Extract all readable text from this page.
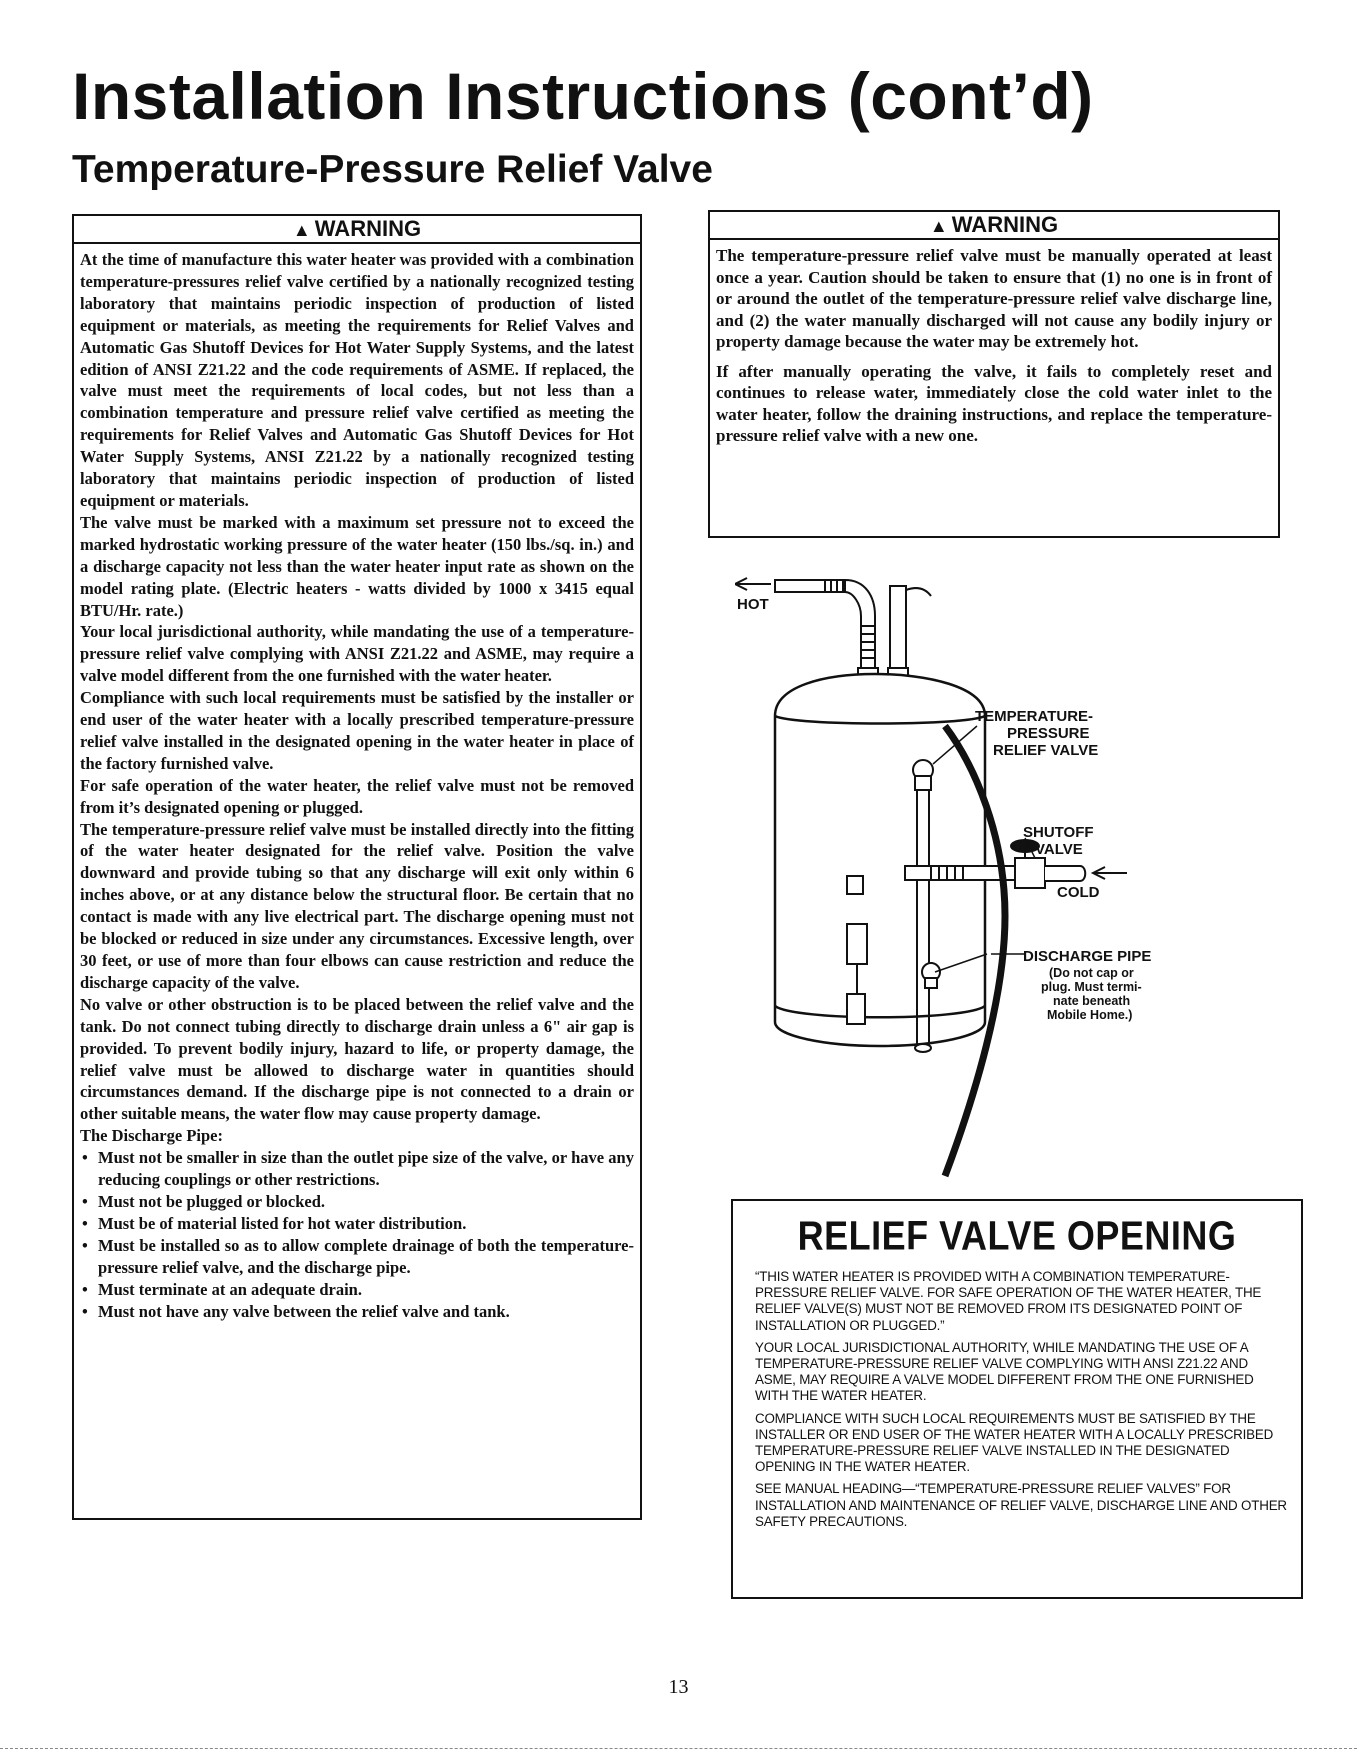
Installation Instructions (cont’d)
Temperature-Pressure Relief Valve
▲ WARNING

At the time of manufacture this water heater was provided with a combination temperature-pressures relief valve certified by a nationally recognized testing laboratory that maintains periodic inspection of production of listed equipment or materials, as meeting the requirements for Relief Valves and Automatic Gas Shutoff Devices for Hot Water Supply Systems, and the latest edition of ANSI Z21.22 and the code requirements of ASME. If replaced, the valve must meet the requirements of local codes, but not less than a combination temperature and pressure relief valve certified as meeting the requirements for Relief Valves and Automatic Gas Shutoff Devices for Hot Water Supply Systems, ANSI Z21.22 by a nationally recognized testing laboratory that maintains periodic inspection of production of listed equipment or materials.

The valve must be marked with a maximum set pressure not to exceed the marked hydrostatic working pressure of the water heater (150 lbs./sq. in.) and a discharge capacity not less than the water heater input rate as shown on the model rating plate. (Electric heaters - watts divided by 1000 x 3415 equal BTU/Hr. rate.)

Your local jurisdictional authority, while mandating the use of a temperature-pressure relief valve complying with ANSI Z21.22 and ASME, may require a valve model different from the one furnished with the water heater.

Compliance with such local requirements must be satisfied by the installer or end user of the water heater with a locally prescribed temperature-pressure relief valve installed in the designated opening in the water heater in place of the factory furnished valve.

For safe operation of the water heater, the relief valve must not be removed from it’s designated opening or plugged.

The temperature-pressure relief valve must be installed directly into the fitting of the water heater designated for the relief valve. Position the valve downward and provide tubing so that any discharge will exit only within 6 inches above, or at any distance below the structural floor. Be certain that no contact is made with any live electrical part. The discharge opening must not be blocked or reduced in size under any circumstances. Excessive length, over 30 feet, or use of more than four elbows can cause restriction and reduce the discharge capacity of the valve.

No valve or other obstruction is to be placed between the relief valve and the tank. Do not connect tubing directly to discharge drain unless a 6" air gap is provided. To prevent bodily injury, hazard to life, or property damage, the relief valve must be allowed to discharge water in quantities should circumstances demand. If the discharge pipe is not connected to a drain or other suitable means, the water flow may cause property damage.

The Discharge Pipe:

• Must not be smaller in size than the outlet pipe size of the valve, or have any reducing couplings or other restrictions.
• Must not be plugged or blocked.
• Must be of material listed for hot water distribution.
• Must be installed so as to allow complete drainage of both the temperature-pressure relief valve, and the discharge pipe.
• Must terminate at an adequate drain.
• Must not have any valve between the relief valve and tank.
▲ WARNING

The temperature-pressure relief valve must be manually operated at least once a year. Caution should be taken to ensure that (1) no one is in front of or around the outlet of the temperature-pressure relief valve discharge line, and (2) the water manually discharged will not cause any bodily injury or property damage because the water may be extremely hot.

If after manually operating the valve, it fails to completely reset and continues to release water, immediately close the cold water inlet to the water heater, follow the draining instructions, and replace the temperature-pressure relief valve with a new one.

HOT
TEMPERATURE-
PRESSURE
RELIEF VALVE
SHUTOFF
VALVE
COLD
DISCHARGE PIPE
(Do not cap or
plug. Must termi-
nate beneath
Mobile Home.)
RELIEF VALVE OPENING

“THIS WATER HEATER IS PROVIDED WITH A COMBINATION TEMPERATURE-PRESSURE RELIEF VALVE. FOR SAFE OPERATION OF THE WATER HEATER, THE RELIEF VALVE(S) MUST NOT BE REMOVED FROM ITS DESIGNATED POINT OF INSTALLATION OR PLUGGED.”

YOUR LOCAL JURISDICTIONAL AUTHORITY, WHILE MANDATING THE USE OF A TEMPERATURE-PRESSURE RELIEF VALVE COMPLYING WITH ANSI Z21.22 AND ASME, MAY REQUIRE A VALVE MODEL DIFFERENT FROM THE ONE FURNISHED WITH THE WATER HEATER.

COMPLIANCE WITH SUCH LOCAL REQUIREMENTS MUST BE SATISFIED BY THE INSTALLER OR END USER OF THE WATER HEATER WITH A LOCALLY PRESCRIBED TEMPERATURE-PRESSURE RELIEF VALVE INSTALLED IN THE DESIGNATED OPENING IN THE WATER HEATER.

SEE MANUAL HEADING—“TEMPERATURE-PRESSURE RELIEF VALVES” FOR INSTALLATION AND MAINTENANCE OF RELIEF VALVE, DISCHARGE LINE AND OTHER SAFETY PRECAUTIONS.

13
